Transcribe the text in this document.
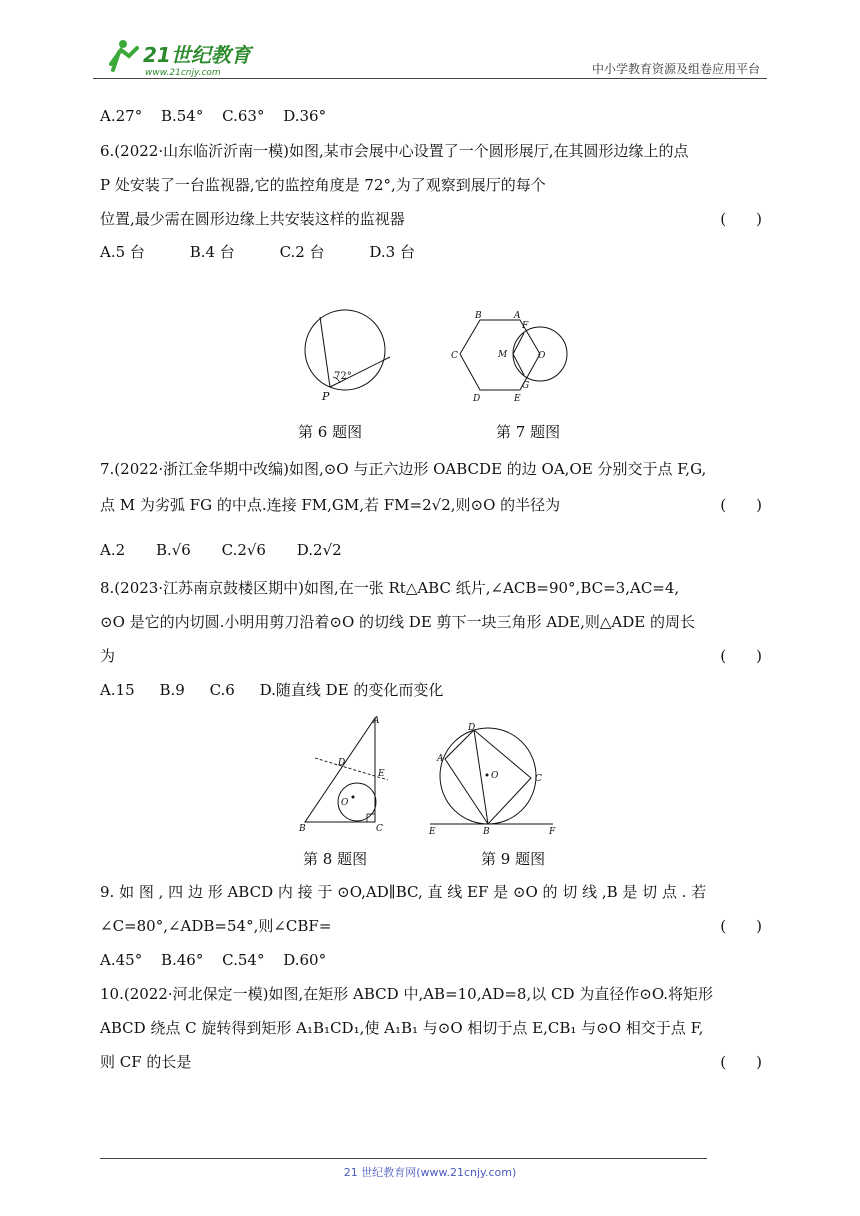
21世纪教育
www.21cnjy.com	中小学教育资源及组卷应用平台
A.27° B.54° C.63° D.36°
6.(2022·山东临沂沂南一模)如图,某市会展中心设置了一个圆形展厅,在其圆形边缘上的点
P 处安装了一台监视器,它的监控角度是 72°,为了观察到展厅的每个
位置,最少需在圆形边缘上共安装这样的监视器	(　　)
A.5 台	B.4 台	C.2 台	D.3 台
72°
P
第 6 题图
B	A
F
C	M	O
G
D	E
第 7 题图
7.(2022·浙江金华期中改编)如图,⊙O 与正六边形 OABCDE 的边 OA,OE 分别交于点 F,G,
点 M 为劣弧 FG 的中点.连接 FM,GM,若 FM=2√2,则⊙O 的半径为	(　　)
A.2 B.√6 C.2√6 D.2√2
8.(2023·江苏南京鼓楼区期中)如图,在一张 Rt△ABC 纸片,∠ACB=90°,BC=3,AC=4,
⊙O 是它的内切圆.小明用剪刀沿着⊙O 的切线 DE 剪下一块三角形 ADE,则△ADE 的周长
为	(　　)
A.15 B.9 C.6 D.随直线 DE 的变化而变化
A
D
E
O
B	C
第 8 题图
D
A
O	C
E	B	F
第 9 题图
9. 如 图 , 四 边 形 ABCD 内 接 于 ⊙O,AD∥BC, 直 线 EF 是 ⊙O 的 切 线 ,B 是 切 点 . 若
∠C=80°,∠ADB=54°,则∠CBF=	(　　)
A.45° B.46° C.54° D.60°
10.(2022·河北保定一模)如图,在矩形 ABCD 中,AB=10,AD=8,以 CD 为直径作⊙O.将矩形
ABCD 绕点 C 旋转得到矩形 A₁B₁CD₁,使 A₁B₁ 与⊙O 相切于点 E,CB₁ 与⊙O 相交于点 F,
则 CF 的长是	(　　)
21 世纪教育网(www.21cnjy.com)
